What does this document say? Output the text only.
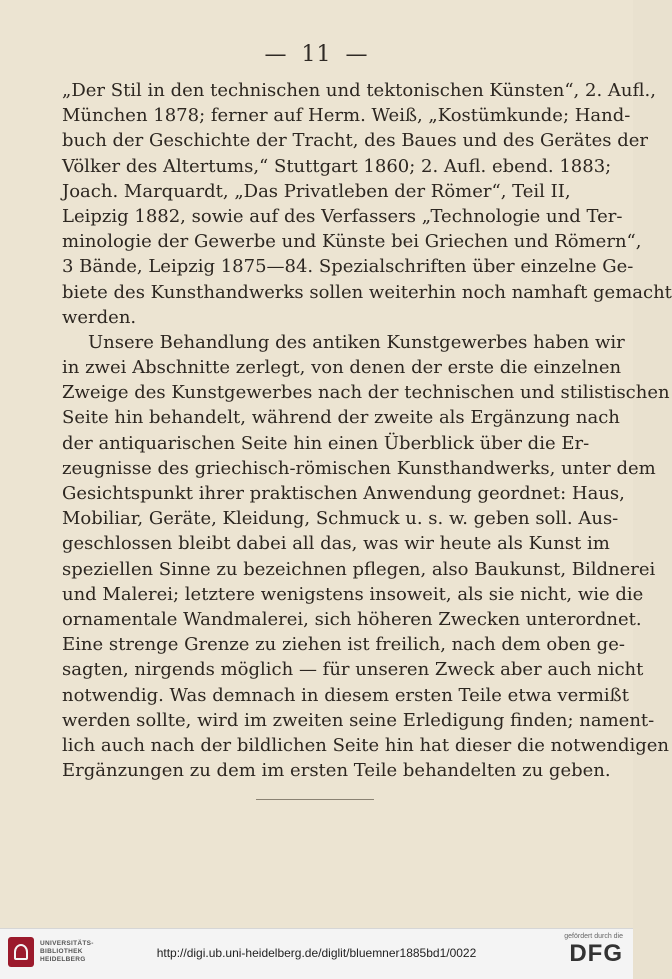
— 11 —
„Der Stil in den technischen und tektonischen Künsten“, 2. Aufl.,
München 1878; ferner auf Herm. Weiß, „Kostümkunde; Hand-
buch der Geschichte der Tracht, des Baues und des Gerätes der
Völker des Altertums,“ Stuttgart 1860; 2. Aufl. ebend. 1883;
Joach. Marquardt, „Das Privatleben der Römer“, Teil II,
Leipzig 1882, sowie auf des Verfassers „Technologie und Ter-
minologie der Gewerbe und Künste bei Griechen und Römern“,
3 Bände, Leipzig 1875—84. Spezialschriften über einzelne Ge-
biete des Kunsthandwerks sollen weiterhin noch namhaft gemacht
werden.
Unsere Behandlung des antiken Kunstgewerbes haben wir
in zwei Abschnitte zerlegt, von denen der erste die einzelnen
Zweige des Kunstgewerbes nach der technischen und stilistischen
Seite hin behandelt, während der zweite als Ergänzung nach
der antiquarischen Seite hin einen Überblick über die Er-
zeugnisse des griechisch-römischen Kunsthandwerks, unter dem
Gesichtspunkt ihrer praktischen Anwendung geordnet: Haus,
Mobiliar, Geräte, Kleidung, Schmuck u. s. w. geben soll. Aus-
geschlossen bleibt dabei all das, was wir heute als Kunst im
speziellen Sinne zu bezeichnen pflegen, also Baukunst, Bildnerei
und Malerei; letztere wenigstens insoweit, als sie nicht, wie die
ornamentale Wandmalerei, sich höheren Zwecken unterordnet.
Eine strenge Grenze zu ziehen ist freilich, nach dem oben ge-
sagten, nirgends möglich — für unseren Zweck aber auch nicht
notwendig. Was demnach in diesem ersten Teile etwa vermißt
werden sollte, wird im zweiten seine Erledigung finden; nament-
lich auch nach der bildlichen Seite hin hat dieser die notwendigen
Ergänzungen zu dem im ersten Teile behandelten zu geben.
UNIVERSITÄTS-
BIBLIOTHEK
HEIDELBERG	http://digi.ub.uni-heidelberg.de/diglit/bluemner1885bd1/0022
gefördert durch die
DFG
